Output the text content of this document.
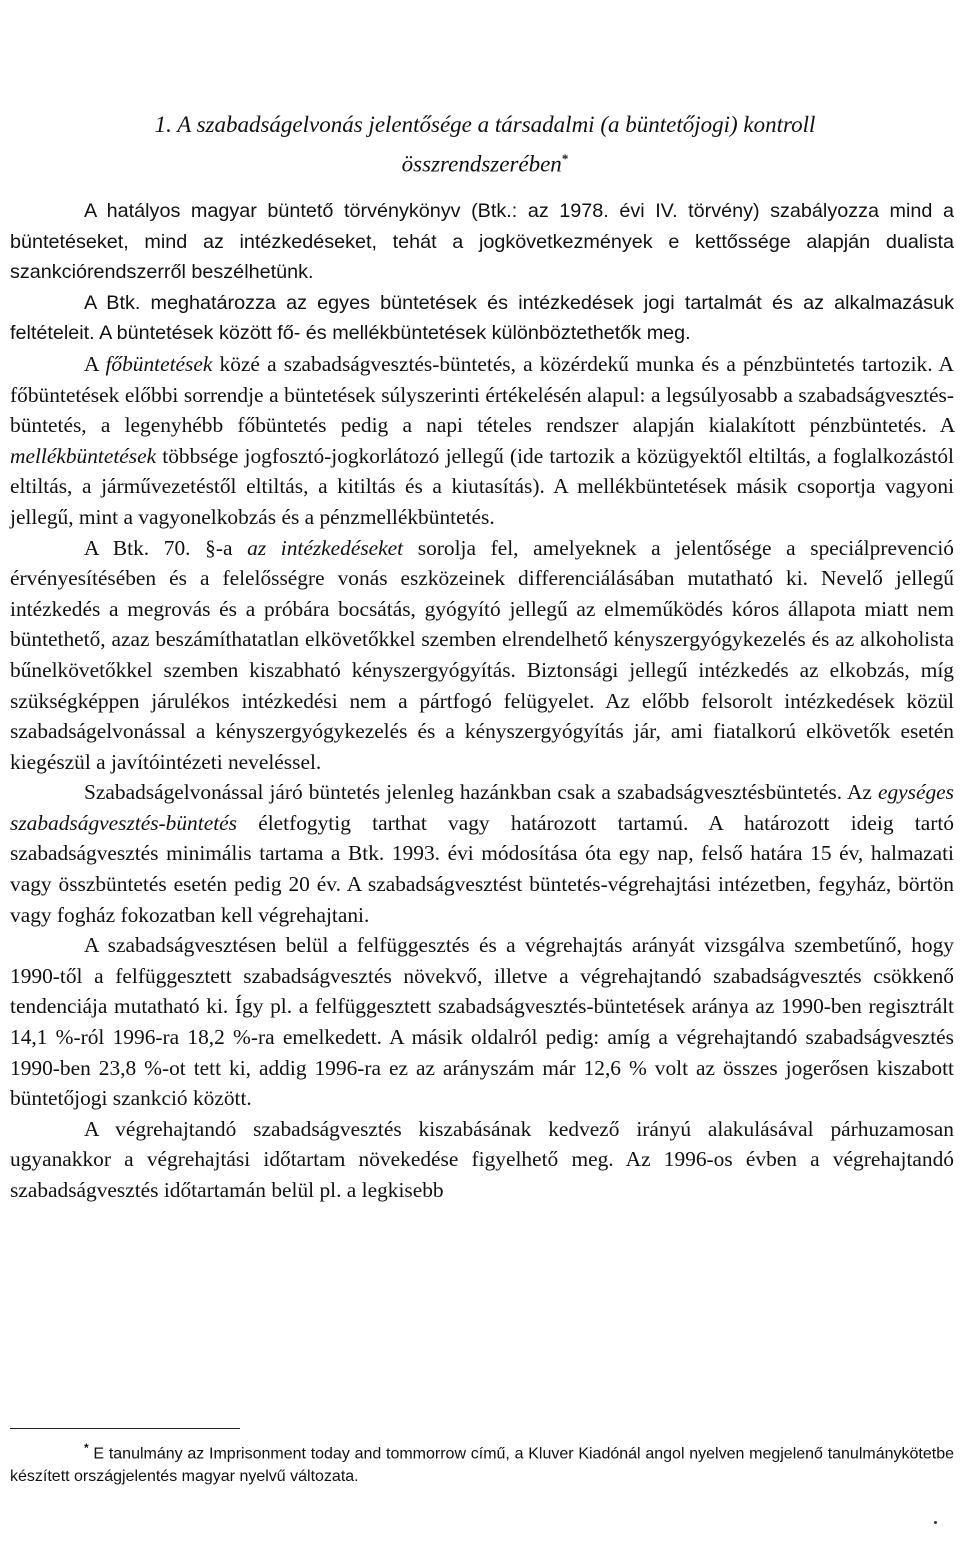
1. A szabadságelvonás jelentősége a társadalmi (a büntetőjogi) kontroll
összrendszerében*

A hatályos magyar büntető törvénykönyv (Btk.: az 1978. évi IV. törvény) szabályozza mind a büntetéseket, mind az intézkedéseket, tehát a jogkövetkezmények e kettőssége alapján dualista szankciórendszerről beszélhetünk.

A Btk. meghatározza az egyes büntetések és intézkedések jogi tartalmát és az alkalmazásuk feltételeit. A büntetések között fő- és mellékbüntetések különböztethetők meg.

A főbüntetések közé a szabadságvesztés-büntetés, a közérdekű munka és a pénzbüntetés tartozik. A főbüntetések előbbi sorrendje a büntetések súlyszerinti értékelésén alapul: a legsúlyosabb a szabadságvesztés-büntetés, a legenyhébb főbüntetés pedig a napi tételes rendszer alapján kialakított pénzbüntetés. A mellékbüntetések többsége jogfosztó-jogkorlátozó jellegű (ide tartozik a közügyektől eltiltás, a foglalkozástól eltiltás, a járművezetéstől eltiltás, a kitiltás és a kiutasítás). A mellékbüntetések másik csoportja vagyoni jellegű, mint a vagyonelkobzás és a pénzmellékbüntetés.

A Btk. 70. §-a az intézkedéseket sorolja fel, amelyeknek a jelentősége a speciálprevenció érvényesítésében és a felelősségre vonás eszközeinek differenciálásában mutatható ki. Nevelő jellegű intézkedés a megrovás és a próbára bocsátás, gyógyító jellegű az elmeműködés kóros állapota miatt nem büntethető, azaz beszámíthatatlan elkövetőkkel szemben elrendelhető kényszergyógykezelés és az alkoholista bűnelkövetőkkel szemben kiszabható kényszergyógyítás. Biztonsági jellegű intézkedés az elkobzás, míg szükségképpen járulékos intézkedési nem a pártfogó felügyelet. Az előbb felsorolt intézkedések közül szabadságelvonással a kényszergyógykezelés és a kényszergyógyítás jár, ami fiatalkorú elkövetők esetén kiegészül a javítóintézeti neveléssel.

Szabadságelvonással járó büntetés jelenleg hazánkban csak a szabadságvesztésbüntetés. Az egységes szabadságvesztés-büntetés életfogytig tarthat vagy határozott tartamú. A határozott ideig tartó szabadságvesztés minimális tartama a Btk. 1993. évi módosítása óta egy nap, felső határa 15 év, halmazati vagy összbüntetés esetén pedig 20 év. A szabadságvesztést büntetés-végrehajtási intézetben, fegyház, börtön vagy fogház fokozatban kell végrehajtani.

A szabadságvesztésen belül a felfüggesztés és a végrehajtás arányát vizsgálva szembetűnő, hogy 1990-től a felfüggesztett szabadságvesztés növekvő, illetve a végrehajtandó szabadságvesztés csökkenő tendenciája mutatható ki. Így pl. a felfüggesztett szabadságvesztés-büntetések aránya az 1990-ben regisztrált 14,1 %-ról 1996-ra 18,2 %-ra emelkedett. A másik oldalról pedig: amíg a végrehajtandó szabadságvesztés 1990-ben 23,8 %-ot tett ki, addig 1996-ra ez az arányszám már 12,6 % volt az összes jogerősen kiszabott büntetőjogi szankció között.

A végrehajtandó szabadságvesztés kiszabásának kedvező irányú alakulásával párhuzamosan ugyanakkor a végrehajtási időtartam növekedése figyelhető meg. Az 1996-os évben a végrehajtandó szabadságvesztés időtartamán belül pl. a legkisebb

* E tanulmány az Imprisonment today and tommorrow című, a Kluver Kiadónál angol nyelven megjelenő tanulmánykötetbe készített országjelentés magyar nyelvű változata.
